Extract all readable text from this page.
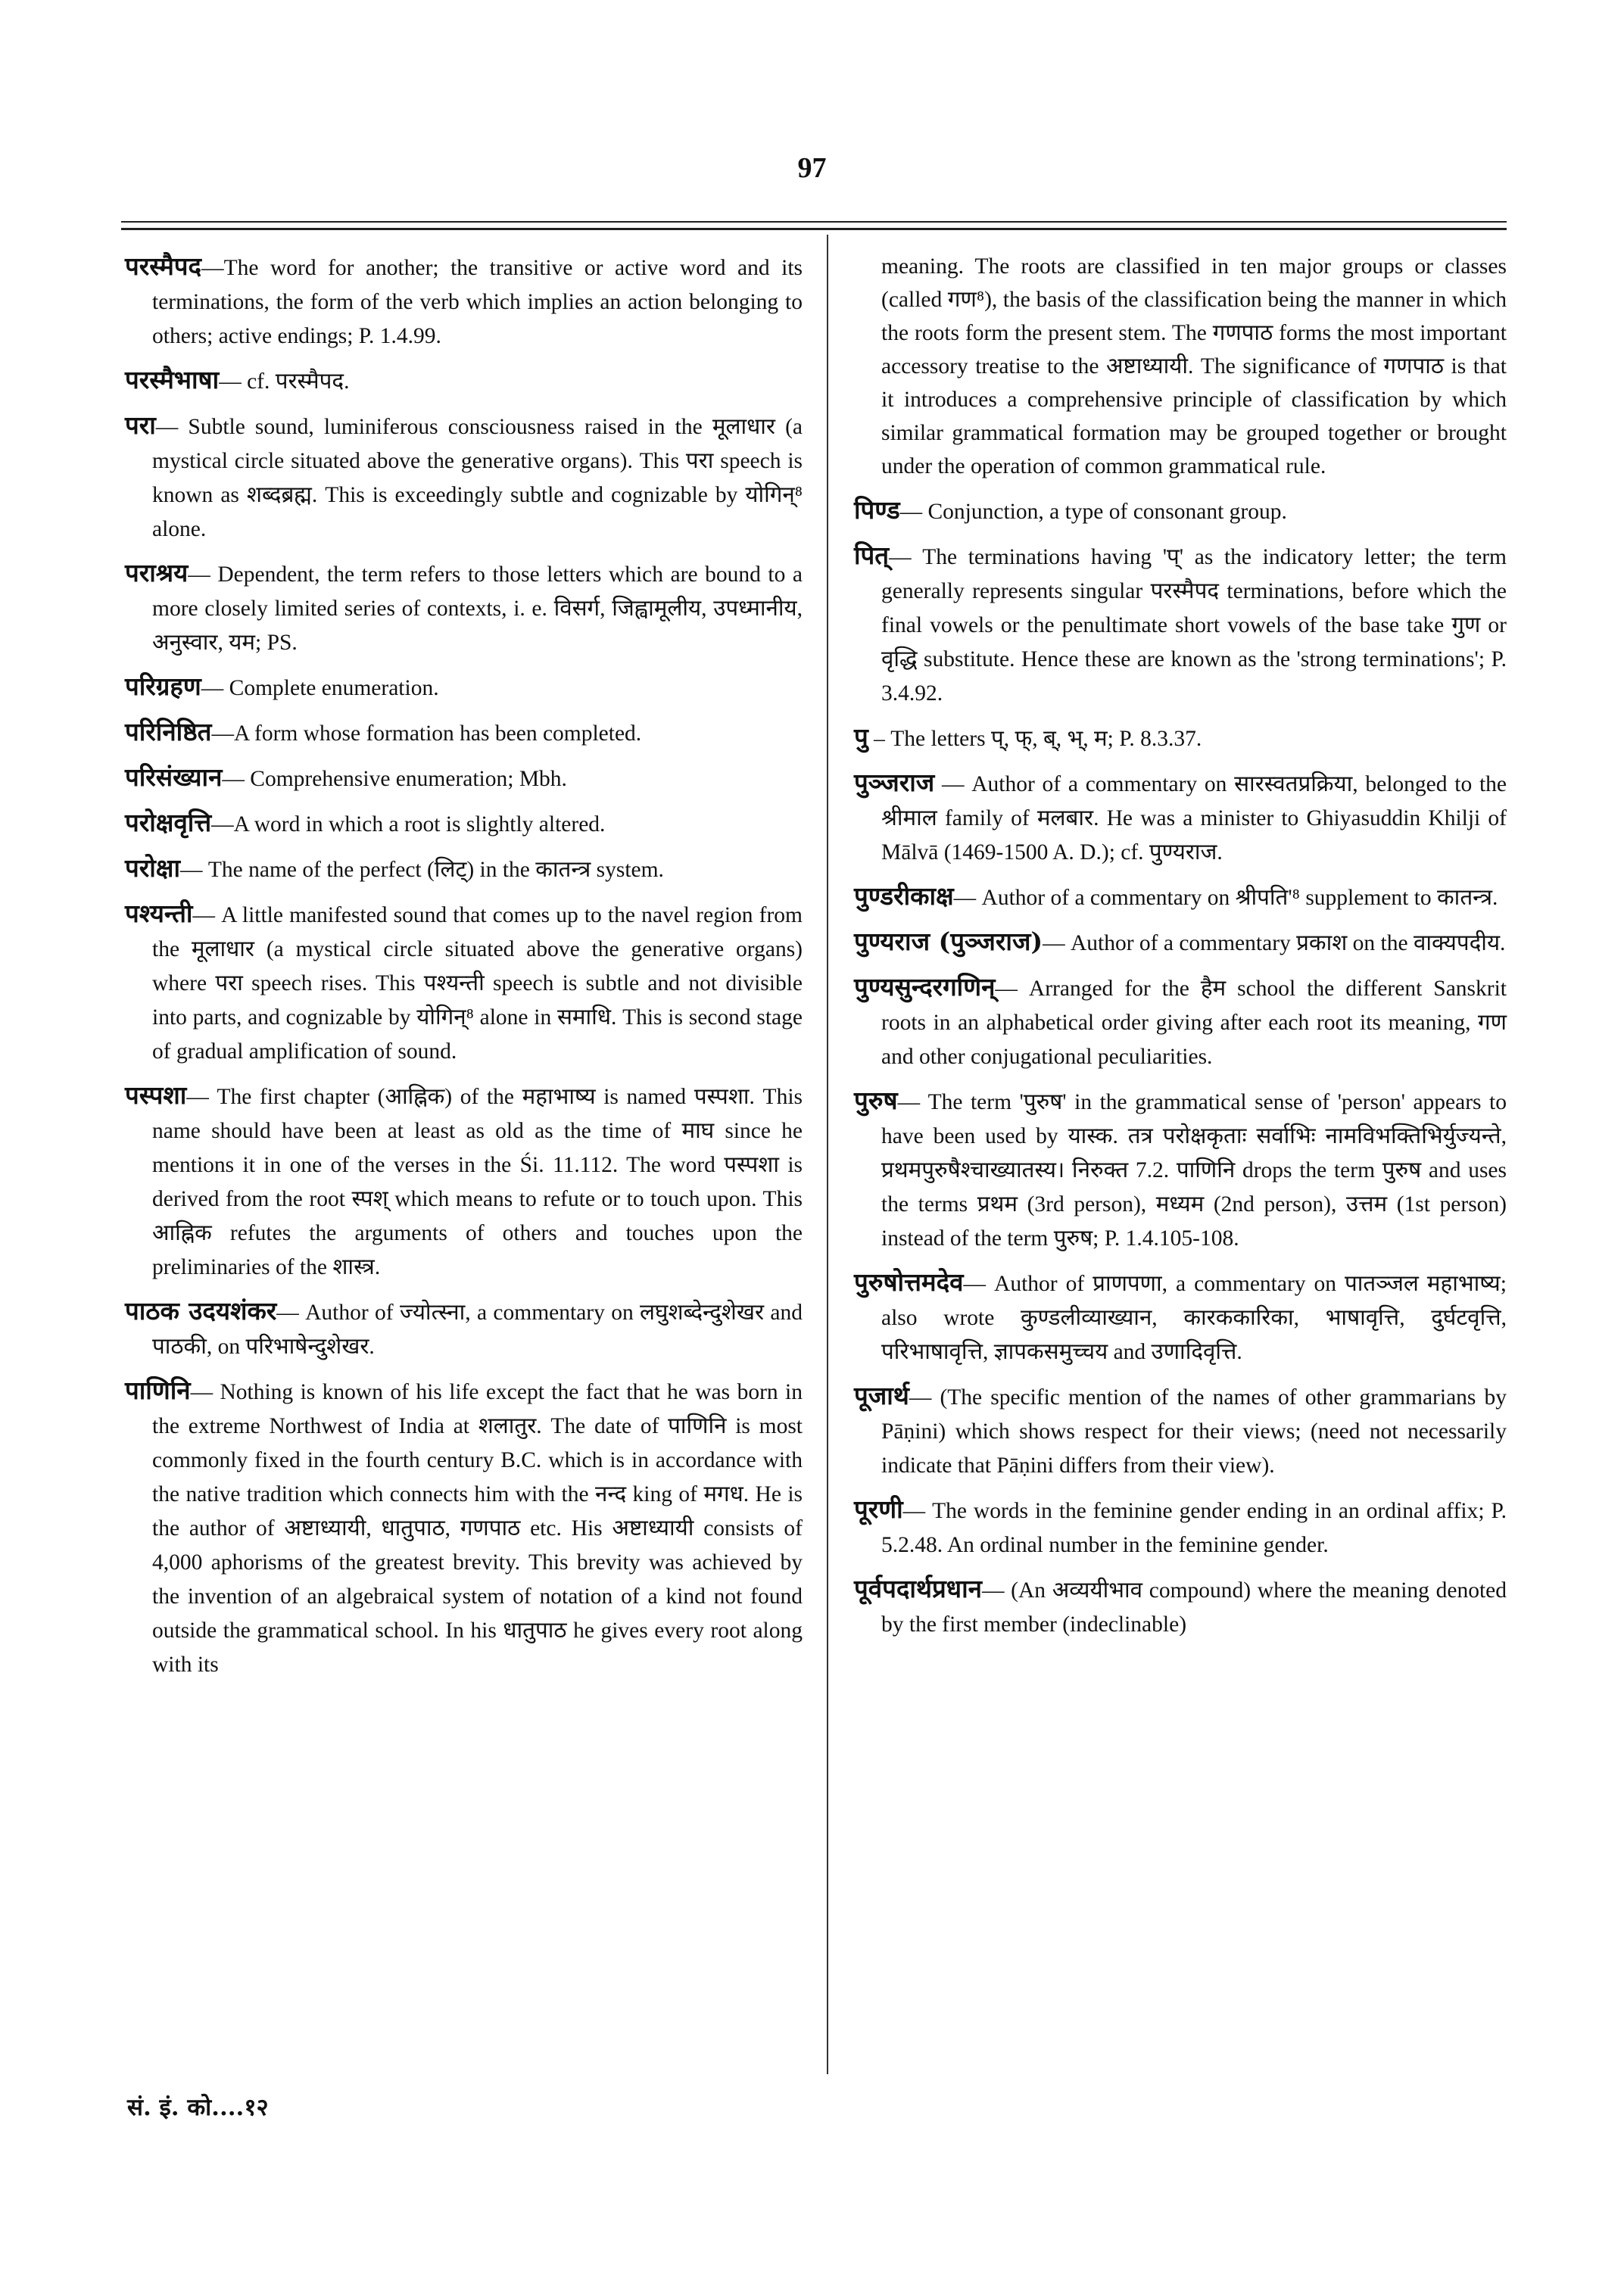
97

परस्मैपद—The word for another; the transitive or active word and its terminations, the form of the verb which implies an action belonging to others; active endings; P. 1.4.99.

परस्मैभाषा— cf. परस्मैपद.

परा— Subtle sound, luminiferous consciousness raised in the मूलाधार (a mystical circle situated above the generative organs). This परा speech is known as शब्दब्रह्म. This is exceedingly subtle and cognizable by योगिन्⁸ alone.

पराश्रय— Dependent, the term refers to those letters which are bound to a more closely limited series of contexts, i. e. विसर्ग, जिह्वामूलीय, उपध्मानीय, अनुस्वार, यम; PS.

परिग्रहण— Complete enumeration.

परिनिष्ठित—A form whose formation has been completed.

परिसंख्यान— Comprehensive enumeration; Mbh.

परोक्षवृत्ति—A word in which a root is slightly altered.

परोक्षा— The name of the perfect (लिट्) in the कातन्त्र system.

पश्यन्ती— A little manifested sound that comes up to the navel region from the मूलाधार (a mystical circle situated above the generative organs) where परा speech rises. This पश्यन्ती speech is subtle and not divisible into parts, and cognizable by योगिन्⁸ alone in समाधि. This is second stage of gradual amplification of sound.

पस्पशा— The first chapter (आह्निक) of the महाभाष्य is named पस्पशा. This name should have been at least as old as the time of माघ since he mentions it in one of the verses in the Śi. 11.112. The word पस्पशा is derived from the root स्पश् which means to refute or to touch upon. This आह्निक refutes the arguments of others and touches upon the preliminaries of the शास्त्र.

पाठक उदयशंकर— Author of ज्योत्स्ना, a commentary on लघुशब्देन्दुशेखर and पाठकी, on परिभाषेन्दुशेखर.

पाणिनि— Nothing is known of his life except the fact that he was born in the extreme Northwest of India at शलातुर. The date of पाणिनि is most commonly fixed in the fourth century B.C. which is in accordance with the native tradition which connects him with the नन्द king of मगध. He is the author of अष्टाध्यायी, धातुपाठ, गणपाठ etc. His अष्टाध्यायी consists of 4,000 aphorisms of the greatest brevity. This brevity was achieved by the invention of an algebraical system of notation of a kind not found outside the grammatical school. In his धातुपाठ he gives every root along with its

meaning. The roots are classified in ten major groups or classes (called गण⁸), the basis of the classification being the manner in which the roots form the present stem. The गणपाठ forms the most important accessory treatise to the अष्टाध्यायी. The significance of गणपाठ is that it introduces a comprehensive principle of classification by which similar grammatical formation may be grouped together or brought under the operation of common grammatical rule.

पिण्ड— Conjunction, a type of consonant group.

पित्— The terminations having 'प्' as the indicatory letter; the term generally represents singular परस्मैपद terminations, before which the final vowels or the penultimate short vowels of the base take गुण or वृद्धि substitute. Hence these are known as the 'strong terminations'; P. 3.4.92.

पु – The letters प्, फ्, ब्, भ्, म; P. 8.3.37.

पुञ्जराज — Author of a commentary on सारस्वतप्रक्रिया, belonged to the श्रीमाल family of मलबार. He was a minister to Ghiyasuddin Khilji of Mālvā (1469-1500 A. D.); cf. पुण्यराज.

पुण्डरीकाक्ष— Author of a commentary on श्रीपति'⁸ supplement to कातन्त्र.

पुण्यराज (पुञ्जराज)— Author of a commentary प्रकाश on the वाक्यपदीय.

पुण्यसुन्दरगणिन्— Arranged for the हैम school the different Sanskrit roots in an alphabetical order giving after each root its meaning, गण and other conjugational peculiarities.

पुरुष— The term 'पुरुष' in the grammatical sense of 'person' appears to have been used by यास्क. तत्र परोक्षकृताः सर्वाभिः नामविभक्तिभिर्युज्यन्ते, प्रथमपुरुषैश्चाख्यातस्य। निरुक्त 7.2. पाणिनि drops the term पुरुष and uses the terms प्रथम (3rd person), मध्यम (2nd person), उत्तम (1st person) instead of the term पुरुष; P. 1.4.105-108.

पुरुषोत्तमदेव— Author of प्राणपणा, a commentary on पातञ्जल महाभाष्य; also wrote कुण्डलीव्याख्यान, कारककारिका, भाषावृत्ति, दुर्घटवृत्ति, परिभाषावृत्ति, ज्ञापकसमुच्चय and उणादिवृत्ति.

पूजार्थ— (The specific mention of the names of other grammarians by Pāṇini) which shows respect for their views; (need not necessarily indicate that Pāṇini differs from their view).

पूरणी— The words in the feminine gender ending in an ordinal affix; P. 5.2.48. An ordinal number in the feminine gender.

पूर्वपदार्थप्रधान— (An अव्ययीभाव compound) where the meaning denoted by the first member (indeclinable)

सं. इं. को....१२
